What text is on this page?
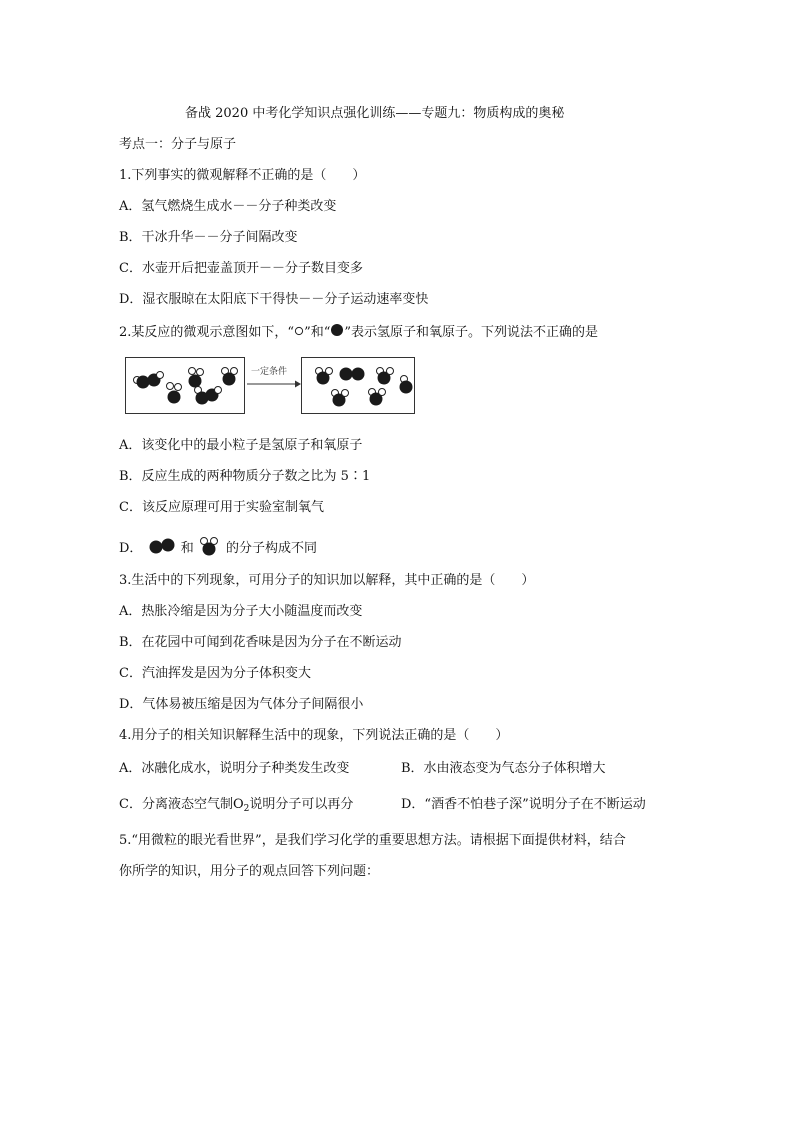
备战 2020 中考化学知识点强化训练——专题九：物质构成的奥秘
考点一：分子与原子
1.下列事实的微观解释不正确的是（　　）
A．氢气燃烧生成水－－分子种类改变
B．干冰升华－－分子间隔改变
C．水壶开后把壶盖顶开－－分子数目变多
D．湿衣服晾在太阳底下干得快－－分子运动速率变快
2.某反应的微观示意图如下，“ ”和“ ”表示氢原子和氧原子。下列说法不正确的是
一定条件
A．该变化中的最小粒子是氢原子和氧原子
B．反应生成的两种物质分子数之比为 5∶1
C．该反应原理可用于实验室制氧气
D．	和 的分子构成不同
3.生活中的下列现象，可用分子的知识加以解释，其中正确的是（　　）
A．热胀冷缩是因为分子大小随温度而改变
B．在花园中可闻到花香味是因为分子在不断运动
C．汽油挥发是因为分子体积变大
D．气体易被压缩是因为气体分子间隔很小
4.用分子的相关知识解释生活中的现象，下列说法正确的是（　　）
A．冰融化成水，说明分子种类发生改变	B．水由液态变为气态分子体积增大
C．分离液态空气制$O_2$说明分子可以再分	D．“酒香不怕巷子深”说明分子在不断运动
5.“用微粒的眼光看世界”，是我们学习化学的重要思想方法。请根据下面提供材料，结合
你所学的知识，用分子的观点回答下列问题：
